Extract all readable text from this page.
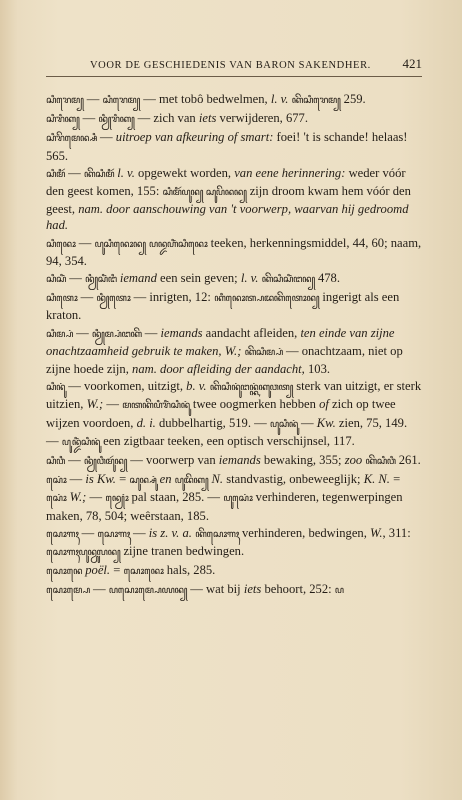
VOOR DE GESCHIEDENIS VAN BARON SAKENDHER. 421

ꦱꦶꦫꦺꦩ꧀ — ꦱꦶꦫꦺꦩ꧀ — met tobô bedwelmen, l. v. ꦏꦼꦱꦶꦫꦺꦩ꧀ 259.

ꦱꦶꦫꦶꦏ꧀ — ꦤꦾꦶꦫꦶꦏ꧀ — zich van iets verwijderen, 677.

ꦱꦶꦫꦼꦩꦺꦤ꧀ꦱꦶ — uitroep van afkeuring of smart: foei! 't is schande! helaas! 565.

ꦱꦶꦩꦶꦂ — ꦏꦼꦱꦶꦩꦶꦂ l. v. opgewekt worden, van eene herinnering: weder vóór den geest komen, 155: ꦱꦶꦩꦶꦂꦥꦸꦤ꧀ ꦱꦸꦥꦼꦤꦤ꧀ zijn droom kwam hem vóór den geest, nam. door aanschouwing van 't voorwerp, waarvan hij gedroomd had.

ꦱꦶꦤꦺꦴ — ꦥꦸꦱꦶꦤꦺꦴꦤ꧀ ꦥꦤ꧀ꦢꦲꦶꦁꦱꦶꦤꦺꦴ teeken, herkenningsmiddel, 44, 60; naam, 94, 354.

ꦱꦶꦱꦶꦁ — ꦤꦾꦶꦱꦶꦁꦔꦶ iemand een sein geven; l. v. ꦏꦼꦱꦶꦱꦶꦁꦔꦤ꧀ 478.

ꦱꦶꦠꦺꦴ — ꦤꦾꦶꦠꦺꦴ — inrigten, 12: ꦏꦶꦤꦺꦴꦠ꧀ꦥꦢꦏꦼꦠꦺꦴꦤ꧀ ingerigt als een kraton.

ꦱꦶꦩ꧀ꦥꦁ — ꦤꦾꦶꦩ꧀ꦥꦁꦔꦏꦼ — iemands aandacht afleiden, ten einde van zijne onachtzaamheid gebruik te maken, W.; ꦏꦼꦱꦶꦩ꧀ꦥꦁ — onachtzaam, niet op zijne hoede zijn, nam. door afleiding der aandacht, 103.

ꦱꦶꦤꦸꦁ — voorkomen, uitzigt, b. v. ꦏꦼꦱꦶꦤꦸꦁꦔꦤ꧀ꦏꦁꦏꦸꦮꦠ꧀ sterk van uitzigt, er sterk uitzien, W.; — ꦩꦠꦏꦼꦥꦶꦫꦶꦁꦱꦶꦤꦸꦁ twee oogmerken hebben of zich op twee wijzen voordoen, d. i. dubbelhartig, 519. — ꦥꦸꦱꦶꦤꦸꦁ — Kw. zien, 75, 149. — ꦥꦸꦤ꧀ꦢꦶꦁꦱꦶꦤꦸꦁ een zigtbaar teeken, een optisch verschijnsel, 117.

ꦱꦶꦮꦶ — ꦤꦾꦶꦮꦶꦩꦸꦂꦤ꧀ — voorwerp van iemands bewaking, 355; zoo ꦏꦼꦱꦶꦮꦶ 261.

ꦱꦺꦴꦁ — is Kw. = ꦱꦸꦤ꧀ꦱꦸꦁ en ꦥꦸꦢꦼꦏ꧀ N. standvastig, onbeweeglijk; K. N. = ꦱꦺꦴꦁ W.; — ꦤꦾꦺꦴꦁ pal staan, 285. — ꦥꦸꦱꦺꦴꦁ verhinderen, tegenwerpingen maken, 78, 504; weêrstaan, 185.

ꦱꦺꦴꦒꦃ — ꦱꦺꦴꦒꦃ — is z. v. a. ꦏꦼꦱꦺꦴꦒꦃ verhinderen, bedwingen, W., 311: ꦱꦺꦴꦒꦃꦥꦸꦤ꧀ꦮꦸꦭꦤ꧀ zijne tranen bedwingen.

ꦱꦺꦴꦤꦺ poël. = ꦱꦺꦴꦤꦺꦴ hals, 285.

ꦱꦺꦴꦩ꧀ꦥꦺ — ꦥꦱꦺꦴꦩ꧀ꦥꦺꦪꦤ꧀ — wat bij iets behoort, 252: ꦥ
